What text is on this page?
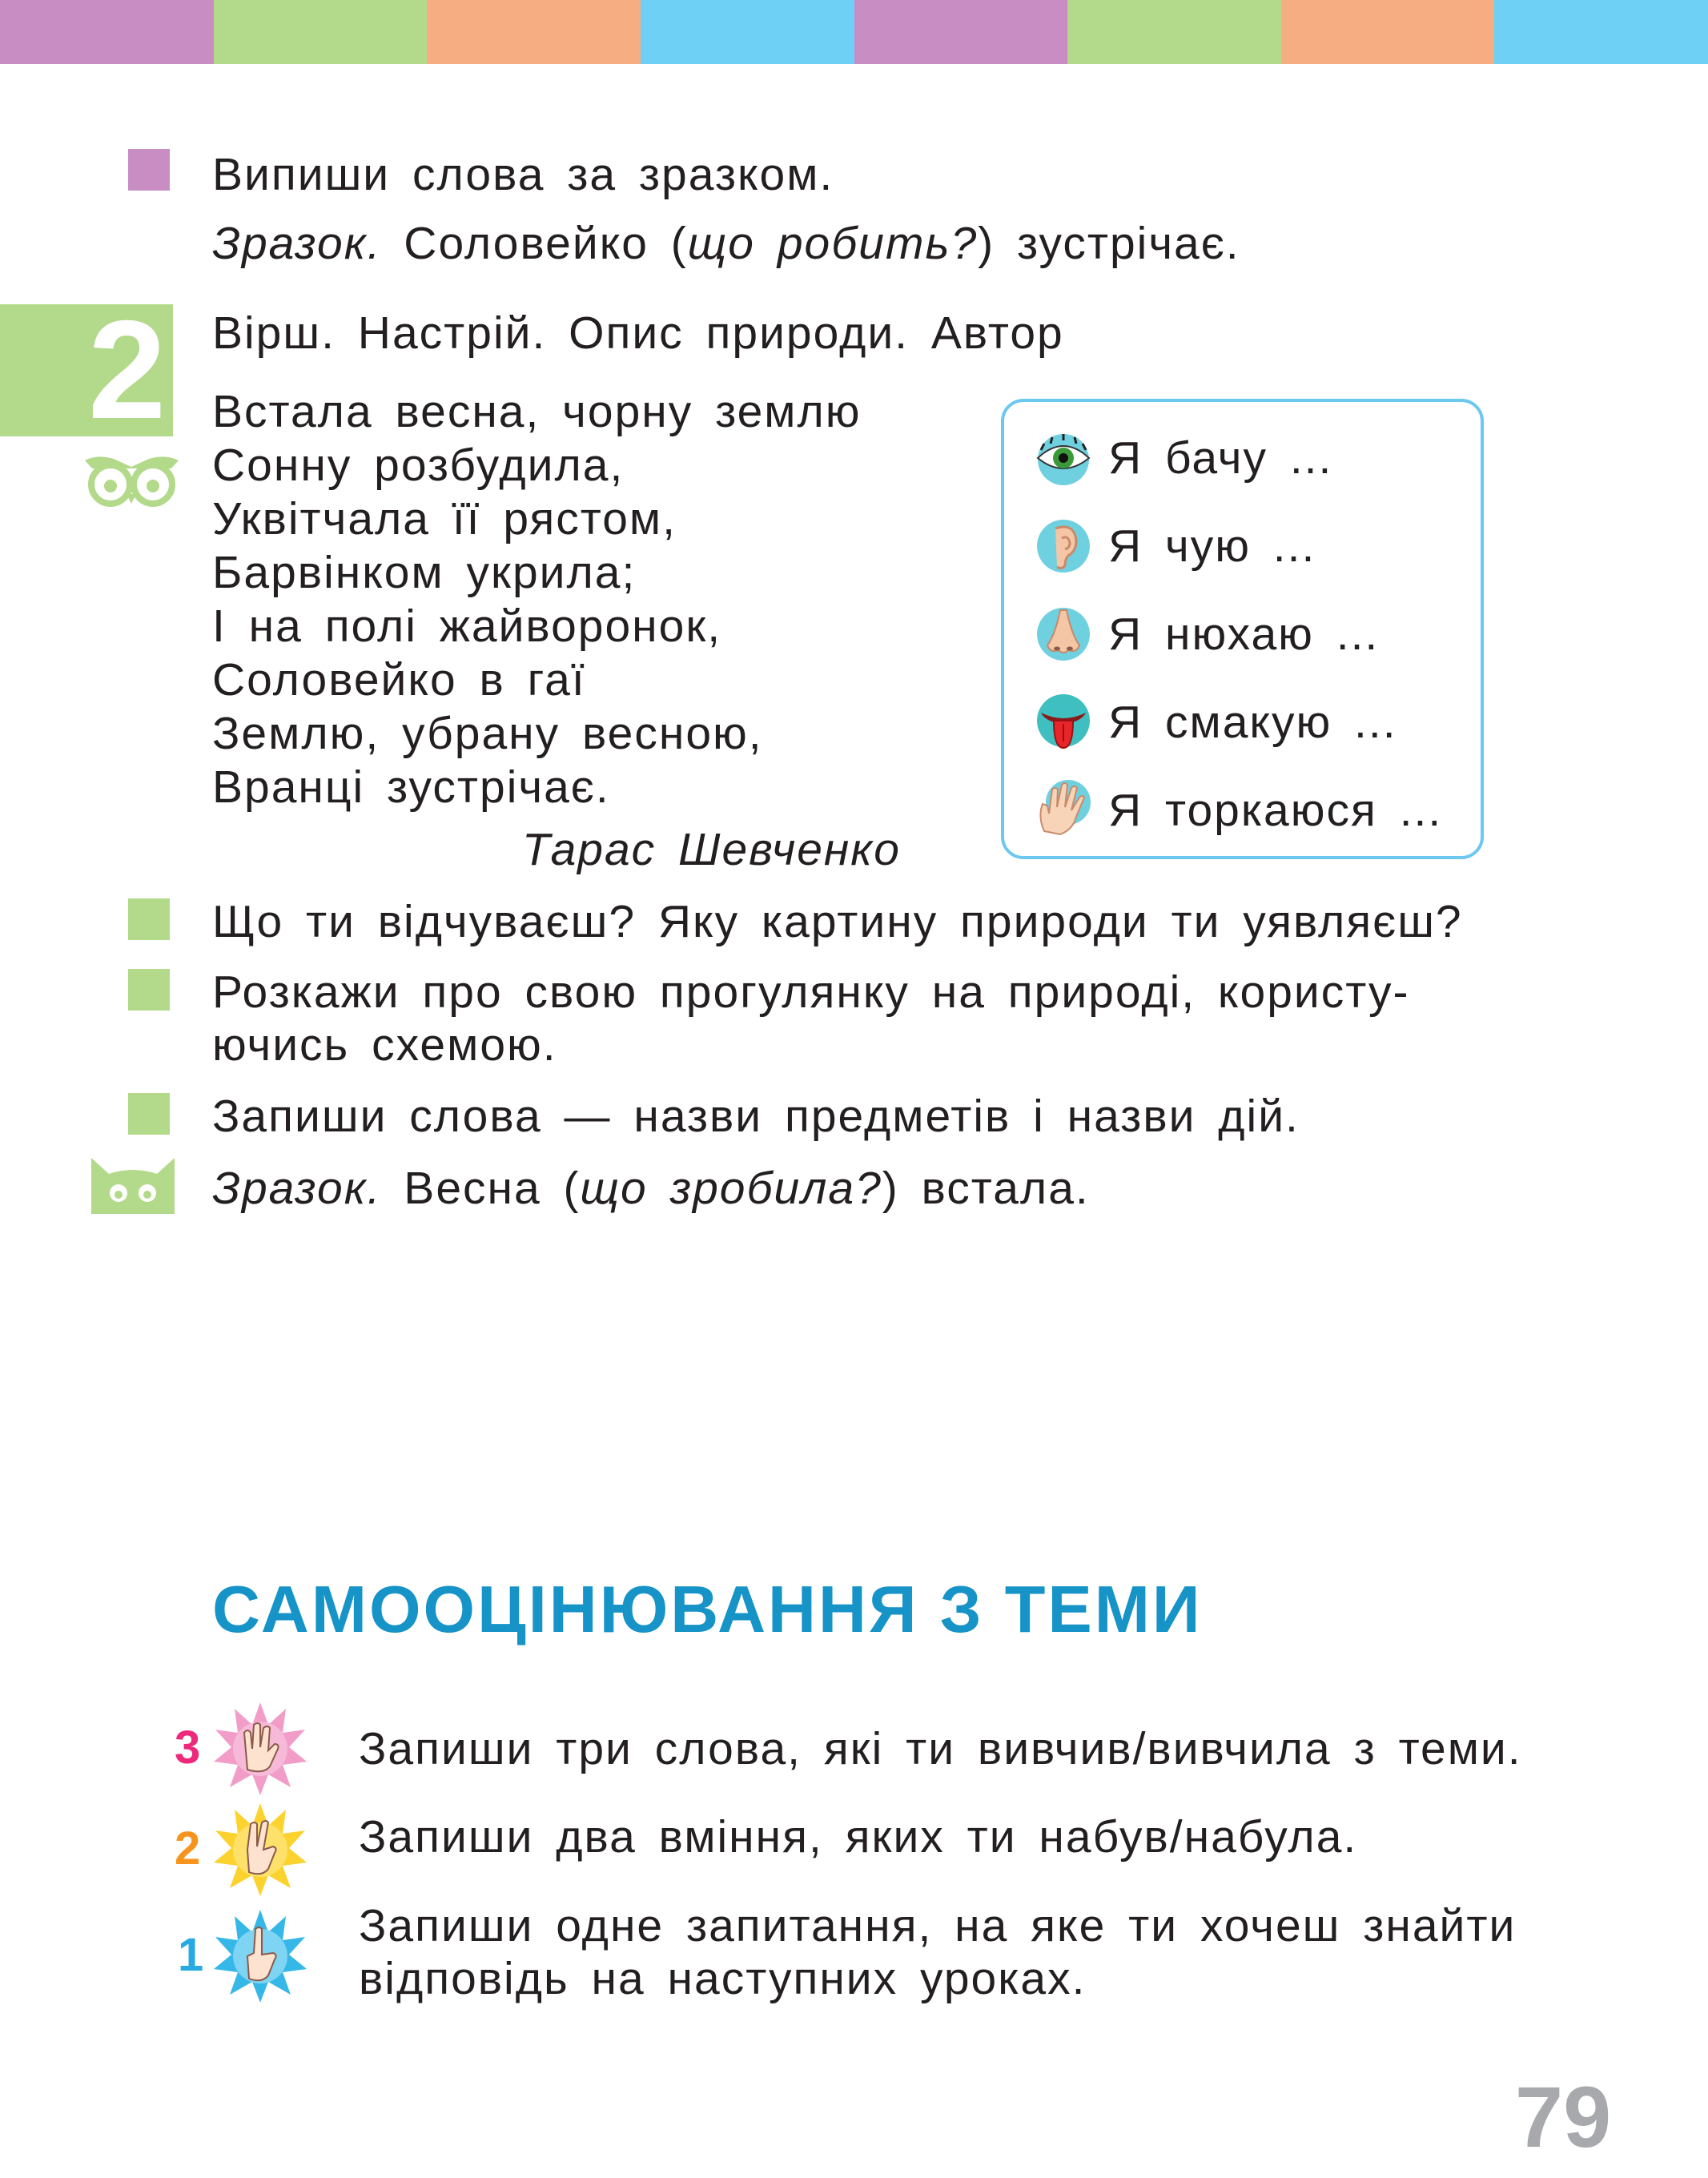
Випиши слова за зразком.
Зразок. Соловейко (що робить?) зустрічає.
2 Вірш. Настрій. Опис природи. Автор
Встала весна, чорну землю
Сонну розбудила,
Уквітчала її рястом,
Барвінком укрила;
І на полі жайворонок,
Соловейко в гаї
Землю, убрану весною,
Вранці зустрічає.
Тарас Шевченко
Я бачу ...
Я чую ...
Я нюхаю ...
Я смакую ...
Я торкаюся ...
Що ти відчуваєш? Яку картину природи ти уявляєш?
Розкажи про свою прогулянку на природі, користу-
ючись схемою.
Запиши слова — назви предметів і назви дій.
Зразок. Весна (що зробила?) встала.
САМООЦІНЮВАННЯ З ТЕМИ
3	Запиши три слова, які ти вивчив/вивчила з теми.
2	Запиши два вміння, яких ти набув/набула.
1
Запиши одне запитання, на яке ти хочеш знайти
відповідь на наступних уроках.
79
